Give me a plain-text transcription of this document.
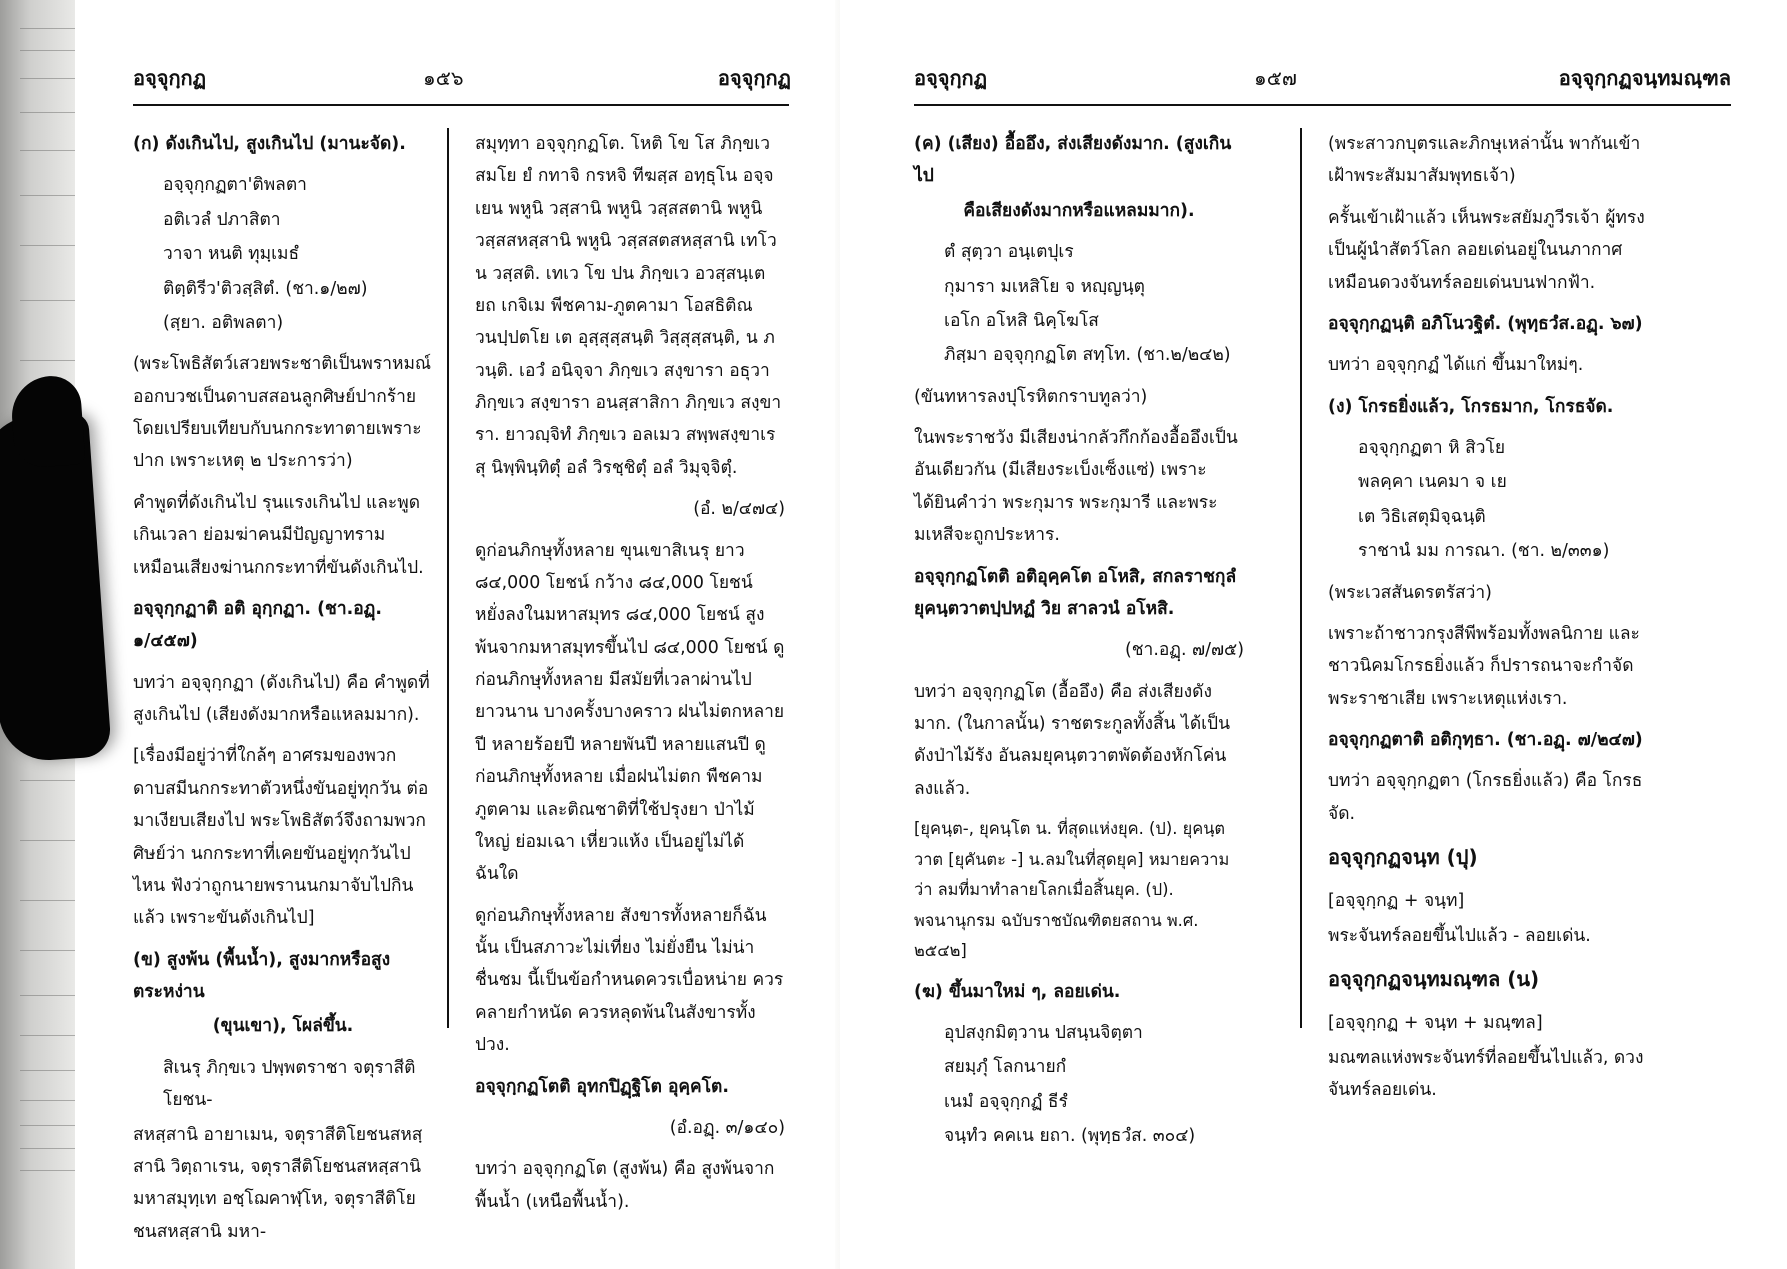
อจฺจุกฺกฏ	๑๕๖	อจฺจุกฺกฏ

(ก) ดังเกินไป, สูงเกินไป (มานะจัด).

อจฺจุกฺกฏตา'ติพลตา

อติเวลํ ปภาสิตา

วาจา หนติ ทุมฺเมธํ

ติตฺติรีว'ติวสฺสิตํ. (ชา.๑/๒๗)

(สฺยา. อติพลตา)

(พระโพธิสัตว์เสวยพระชาติเป็นพราหมณ์ ออกบวชเป็นดาบสสอนลูกศิษย์ปากร้ายโดยเปรียบเทียบกับนกกระทาตายเพราะปาก เพราะเหตุ ๒ ประการว่า)

คำพูดที่ดังเกินไป รุนแรงเกินไป และพูดเกินเวลา ย่อมฆ่าคนมีปัญญาทราม เหมือนเสียงฆ่านกกระทาที่ขันดังเกินไป.

อจฺจุกฺกฏาติ อติ อุกฺกฏา. (ชา.อฏฺ. ๑/๔๕๗)

บทว่า อจฺจุกฺกฏา (ดังเกินไป) คือ คำพูดที่สูงเกินไป (เสียงดังมากหรือแหลมมาก).

[เรื่องมีอยู่ว่าที่ใกล้ๆ อาศรมของพวกดาบสมีนกกระทาตัวหนึ่งขันอยู่ทุกวัน ต่อมาเงียบเสียงไป พระโพธิสัตว์จึงถามพวกศิษย์ว่า นกกระทาที่เคยขันอยู่ทุกวันไปไหน ฟังว่าถูกนายพรานนกมาจับไปกินแล้ว เพราะขันดังเกินไป]

(ข) สูงพ้น (พื้นน้ำ), สูงมากหรือสูงตระหง่าน

(ขุนเขา), โผล่ขึ้น.

สิเนรุ ภิกฺขเว ปพฺพตราชา จตุราสีติโยชน-

สหสฺสานิ อายาเมน, จตุราสีติโยชนสหสฺสานิ วิตฺถาเรน, จตุราสีติโยชนสหสฺสานิ มหาสมุทฺเท อชฺโฌคาฬฺโห, จตุราสีติโยชนสหสฺสานิ มหา-

สมุทฺทา อจฺจุกฺกฏโต. โหติ โข โส ภิกฺขเว สมโย ยํ กทาจิ กรหจิ ทีฆสฺส อทฺธุโน อจฺจเยน พหูนิ วสฺสานิ พหูนิ วสฺสสตานิ พหูนิ วสฺสสหสฺสานิ พหูนิ วสฺสสตสหสฺสานิ เทโว น วสฺสติ. เทเว โข ปน ภิกฺขเว อวสฺสนฺเต ยถ เกจิเม พีชคาม-ภูตคามา โอสธิติณวนปฺปตโย เต อุสฺสุสฺสนฺติ วิสฺสุสฺสนฺติ, น ภวนฺติ. เอวํ อนิจฺจา ภิกฺขเว สงฺขารา อธุวา ภิกฺขเว สงฺขารา อนสฺสาสิกา ภิกฺขเว สงฺขารา. ยาวญฺจิทํ ภิกฺขเว อลเมว สพฺพสงฺขาเรสุ นิพฺพินฺทิตุํ อลํ วิรชฺชิตุํ อลํ วิมุจฺจิตุํ.

(อํ. ๒/๔๗๔)

ดูก่อนภิกษุทั้งหลาย ขุนเขาสิเนรุ ยาว ๘๔,000 โยชน์ กว้าง ๘๔,000 โยชน์ หยั่งลงในมหาสมุทร ๘๔,000 โยชน์ สูงพ้นจากมหาสมุทรขึ้นไป ๘๔,000 โยชน์ ดูก่อนภิกษุทั้งหลาย มีสมัยที่เวลาผ่านไปยาวนาน บางครั้งบางคราว ฝนไม่ตกหลายปี หลายร้อยปี หลายพันปี หลายแสนปี ดูก่อนภิกษุทั้งหลาย เมื่อฝนไม่ตก พืชคามภูตคาม และติณชาติที่ใช้ปรุงยา ป่าไม้ใหญ่ ย่อมเฉา เหี่ยวแห้ง เป็นอยู่ไม่ได้ ฉันใด

ดูก่อนภิกษุทั้งหลาย สังขารทั้งหลายก็ฉันนั้น เป็นสภาวะไม่เที่ยง ไม่ยั่งยืน ไม่น่าชื่นชม นี้เป็นข้อกำหนดควรเบื่อหน่าย ควรคลายกำหนัด ควรหลุดพ้นในสังขารทั้งปวง.

อจฺจุกฺกฏโตติ อุทกปิฏฺฐิโต อุคฺคโต.

(อํ.อฏฺ. ๓/๑๔๐)

บทว่า อจฺจุกฺกฏโต (สูงพ้น) คือ สูงพ้นจากพื้นน้ำ (เหนือพื้นน้ำ).

อจฺจุกฺกฏ	๑๕๗	อจฺจุกฺกฏจนฺทมณฺฑล

(ค) (เสียง) อื้ออึง, ส่งเสียงดังมาก. (สูงเกินไป

คือเสียงดังมากหรือแหลมมาก).

ตํ สุตฺวา อนฺเตปุเร

กุมารา มเหสิโย จ หญฺญนฺตุ

เอโก อโหสิ นิคฺโฆโส

ภิสฺมา อจฺจุกฺกฏโต สทฺโท. (ชา.๒/๒๔๒)

(ขันทหารลงปุโรหิตกราบทูลว่า)

ในพระราชวัง มีเสียงน่ากลัวกึกก้องอื้ออึงเป็นอันเดียวกัน (มีเสียงระเบ็งเซ็งแซ่) เพราะได้ยินคำว่า พระกุมาร พระกุมารี และพระมเหสีจะถูกประหาร.

อจฺจุกฺกฏโตติ อติอุคฺคโต อโหสิ, สกลราชกุลํ ยุคนฺตวาตปฺปหฏํ วิย สาลวนํ อโหสิ.

(ชา.อฏฺ. ๗/๗๕)

บทว่า อจฺจุกฺกฏโต (อื้ออึง) คือ ส่งเสียงดังมาก. (ในกาลนั้น) ราชตระกูลทั้งสิ้น ได้เป็นดังป่าไม้รัง อันลมยุคนฺตวาตพัดต้องหักโค่นลงแล้ว.

[ยุคนฺต-, ยุคนฺโต น. ที่สุดแห่งยุค. (ป). ยุคนฺตวาต [ยุคันตะ -] น.ลมในที่สุดยุค] หมายความว่า ลมที่มาทำลายโลกเมื่อสิ้นยุค. (ป). พจนานุกรม ฉบับราชบัณฑิตยสถาน พ.ศ. ๒๕๔๒]

(ฆ) ขึ้นมาใหม่ ๆ, ลอยเด่น.

อุปสงฺกมิตฺวาน ปสนฺนจิตฺตา

สยมฺภุํ โลกนายกํ

เนมํ อจฺจุกฺกฏํ ธีรํ

จนฺทํว คคเน ยถา. (พุทฺธวํส. ๓๐๔)

(พระสาวกบุตรและภิกษุเหล่านั้น พากันเข้าเฝ้าพระสัมมาสัมพุทธเจ้า)

ครั้นเข้าเฝ้าแล้ว เห็นพระสยัมภูวีรเจ้า ผู้ทรงเป็นผู้นำสัตว์โลก ลอยเด่นอยู่ในนภากาศ เหมือนดวงจันทร์ลอยเด่นบนฟากฟ้า.

อจฺจุกฺกฏนฺติ อภิโนวฐิตํ. (พุทฺธวํส.อฏฺ. ๖๗)

บทว่า อจฺจุกฺกฏํ ได้แก่ ขึ้นมาใหม่ๆ.

(ง) โกรธยิ่งแล้ว, โกรธมาก, โกรธจัด.

อจฺจุกฺกฏตา หิ สิวโย

พลคฺคา เนคมา จ เย

เต วิธิเสตุมิจฺฉนฺติ

ราชานํ มม การณา. (ชา. ๒/๓๓๑)

(พระเวสสันดรตรัสว่า)

เพราะถ้าชาวกรุงสีพีพร้อมทั้งพลนิกาย และชาวนิคมโกรธยิ่งแล้ว ก็ปรารถนาจะกำจัดพระราชาเสีย เพราะเหตุแห่งเรา.

อจฺจุกฺกฏตาติ อติกุทฺธา. (ชา.อฏฺ. ๗/๒๔๗)

บทว่า อจฺจุกฺกฏตา (โกรธยิ่งแล้ว) คือ โกรธจัด.

อจฺจุกฺกฏจนฺท (ปุ)

[อจฺจุกฺกฏ + จนฺท]

พระจันทร์ลอยขึ้นไปแล้ว - ลอยเด่น.

อจฺจุกฺกฏจนฺทมณฺฑล (น)

[อจฺจุกฺกฏ + จนฺท + มณฺฑล]

มณฑลแห่งพระจันทร์ที่ลอยขึ้นไปแล้ว, ดวงจันทร์ลอยเด่น.
